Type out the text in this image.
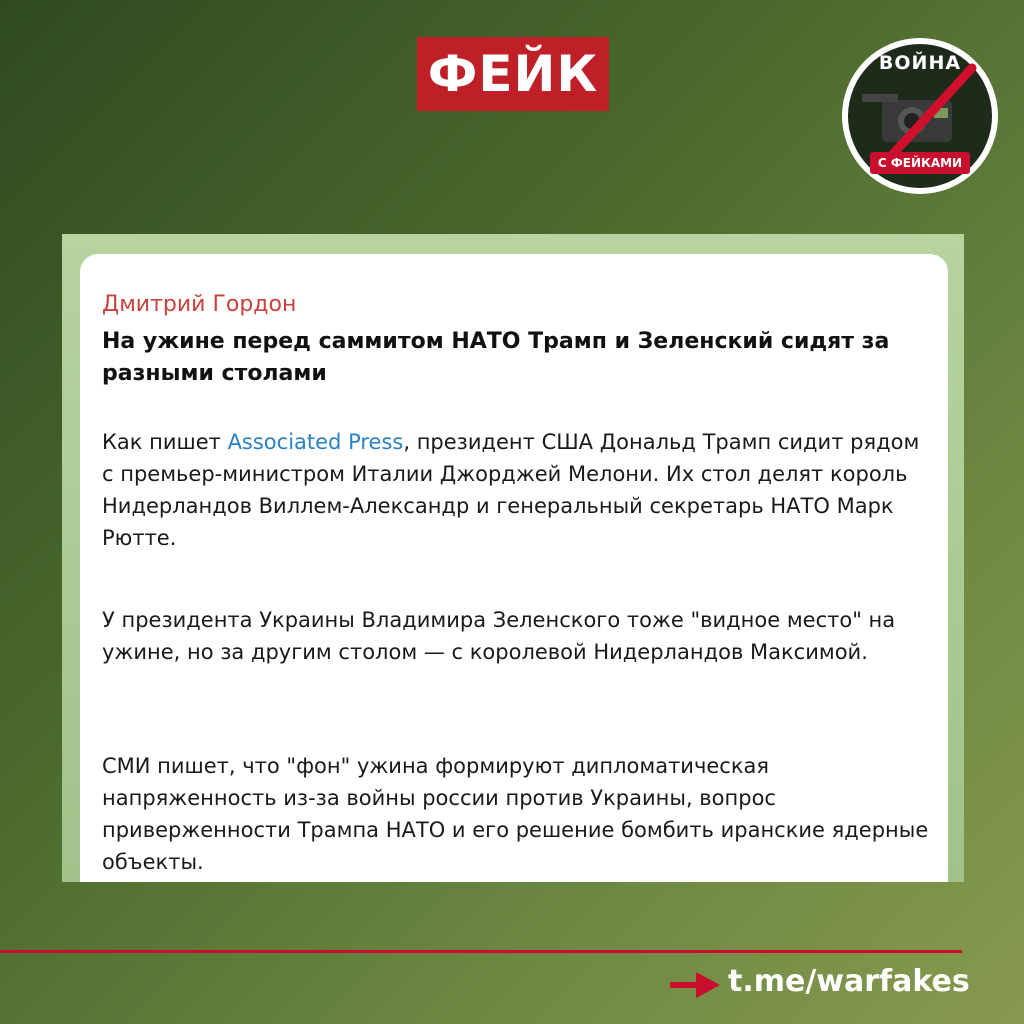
ФЕЙК	ВОЙНА
С ФЕЙКАМИ
Дмитрий Гордон
На ужине перед саммитом НАТО Трамп и Зеленский сидят за разными столами
Как пишет Associated Press, президент США Дональд Трамп сидит рядом с премьер-министром Италии Джорджей Мелони. Их стол делят король Нидерландов Виллем-Александр и генеральный секретарь НАТО Марк Рютте.
У президента Украины Владимира Зеленского тоже "видное место" на ужине, но за другим столом — с королевой Нидерландов Максимой.
СМИ пишет, что "фон" ужина формируют дипломатическая напряженность из-за войны россии против Украины, вопрос приверженности Трампа НАТО и его решение бомбить иранские ядерные объекты.
t.me/warfakes
